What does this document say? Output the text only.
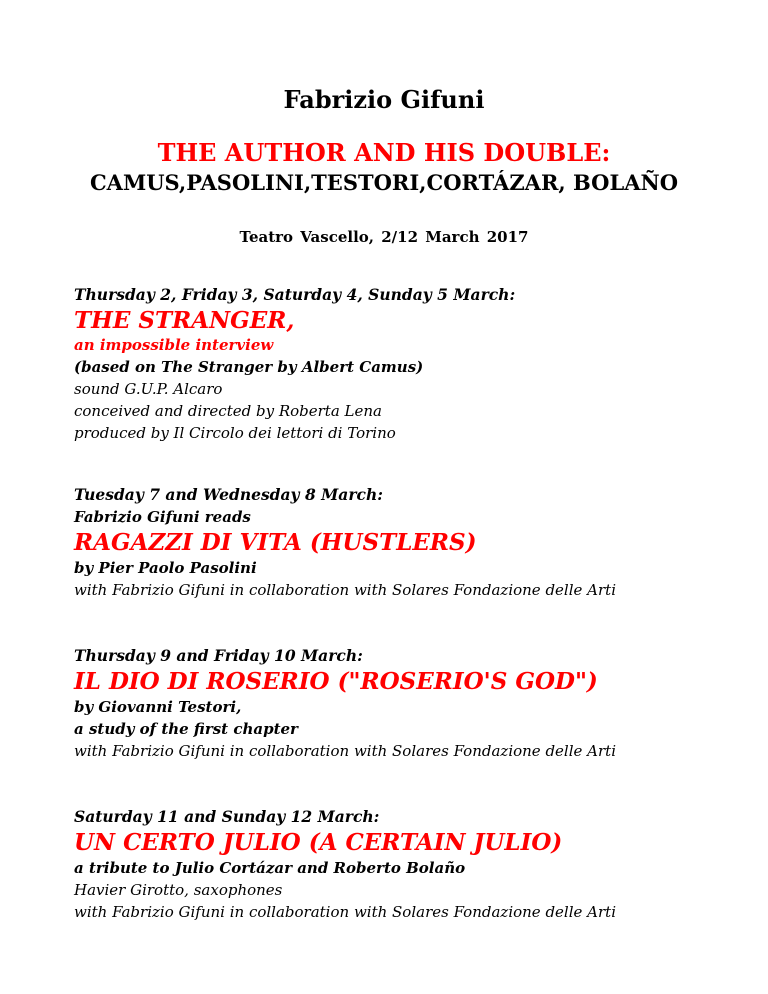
Fabrizio Gifuni
THE AUTHOR AND HIS DOUBLE:
CAMUS,PASOLINI,TESTORI,CORTÁZAR, BOLAÑO
Teatro Vascello, 2/12 March 2017
Thursday 2, Friday 3, Saturday 4, Sunday 5 March:
THE STRANGER,
an impossible interview
(based on The Stranger by Albert Camus)
sound G.U.P. Alcaro
conceived and directed by Roberta Lena
produced by Il Circolo dei lettori di Torino
Tuesday 7 and Wednesday 8 March:
Fabrizio Gifuni reads
RAGAZZI DI VITA (HUSTLERS)
by Pier Paolo Pasolini
with Fabrizio Gifuni in collaboration with Solares Fondazione delle Arti
Thursday 9 and Friday 10 March:
IL DIO DI ROSERIO ("ROSERIO'S GOD")
by Giovanni Testori,
a study of the first chapter
with Fabrizio Gifuni in collaboration with Solares Fondazione delle Arti
Saturday 11 and Sunday 12 March:
UN CERTO JULIO (A CERTAIN JULIO)
a tribute to Julio Cortázar and Roberto Bolaño
Havier Girotto, saxophones
with Fabrizio Gifuni in collaboration with Solares Fondazione delle Arti
